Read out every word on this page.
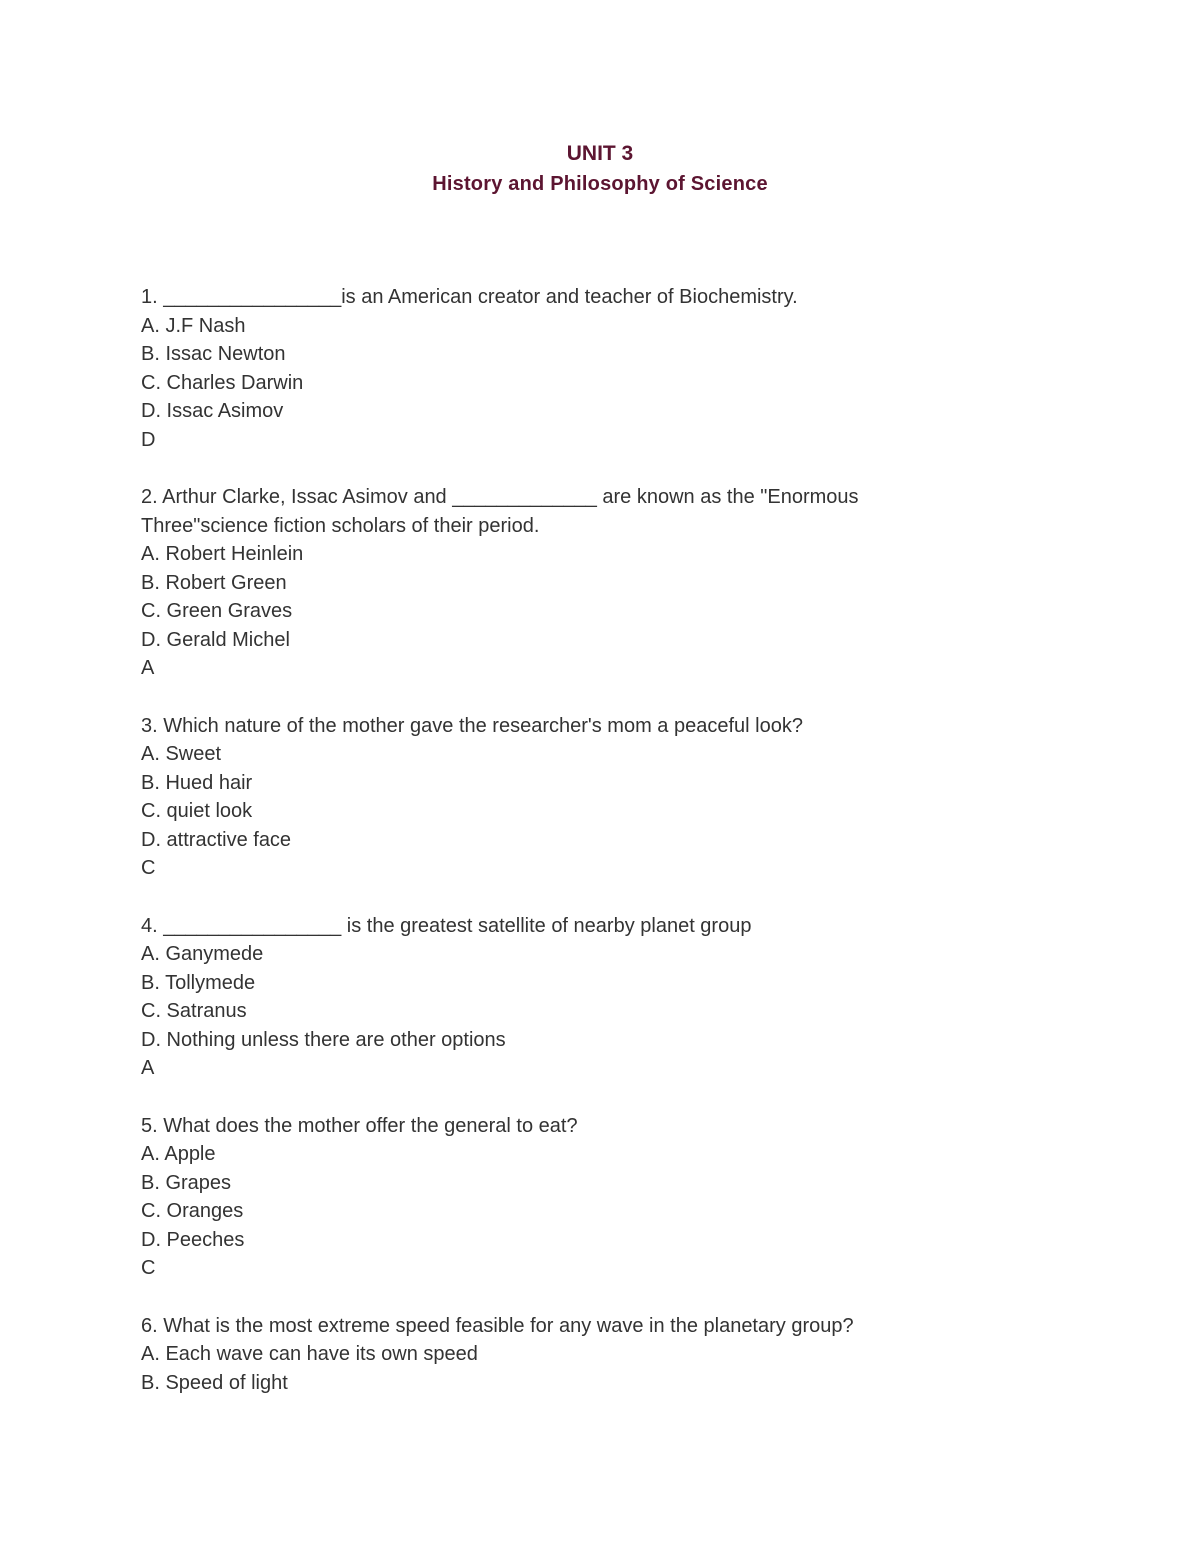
UNIT 3
History and Philosophy of Science
1. ________________is an American creator and teacher of Biochemistry.
A. J.F Nash
B. Issac Newton
C. Charles Darwin
D. Issac Asimov
D
2. Arthur Clarke, Issac Asimov and _____________ are known as the "Enormous
Three"science fiction scholars of their period.
A. Robert Heinlein
B. Robert Green
C. Green Graves
D. Gerald Michel
A
3. Which nature of the mother gave the researcher's mom a peaceful look?
A. Sweet
B. Hued hair
C. quiet look
D. attractive face
C
4. ________________ is the greatest satellite of nearby planet group
A. Ganymede
B. Tollymede
C. Satranus
D. Nothing unless there are other options
A
5. What does the mother offer the general to eat?
A. Apple
B. Grapes
C. Oranges
D. Peeches
C
6. What is the most extreme speed feasible for any wave in the planetary group?
A. Each wave can have its own speed
B. Speed of light
